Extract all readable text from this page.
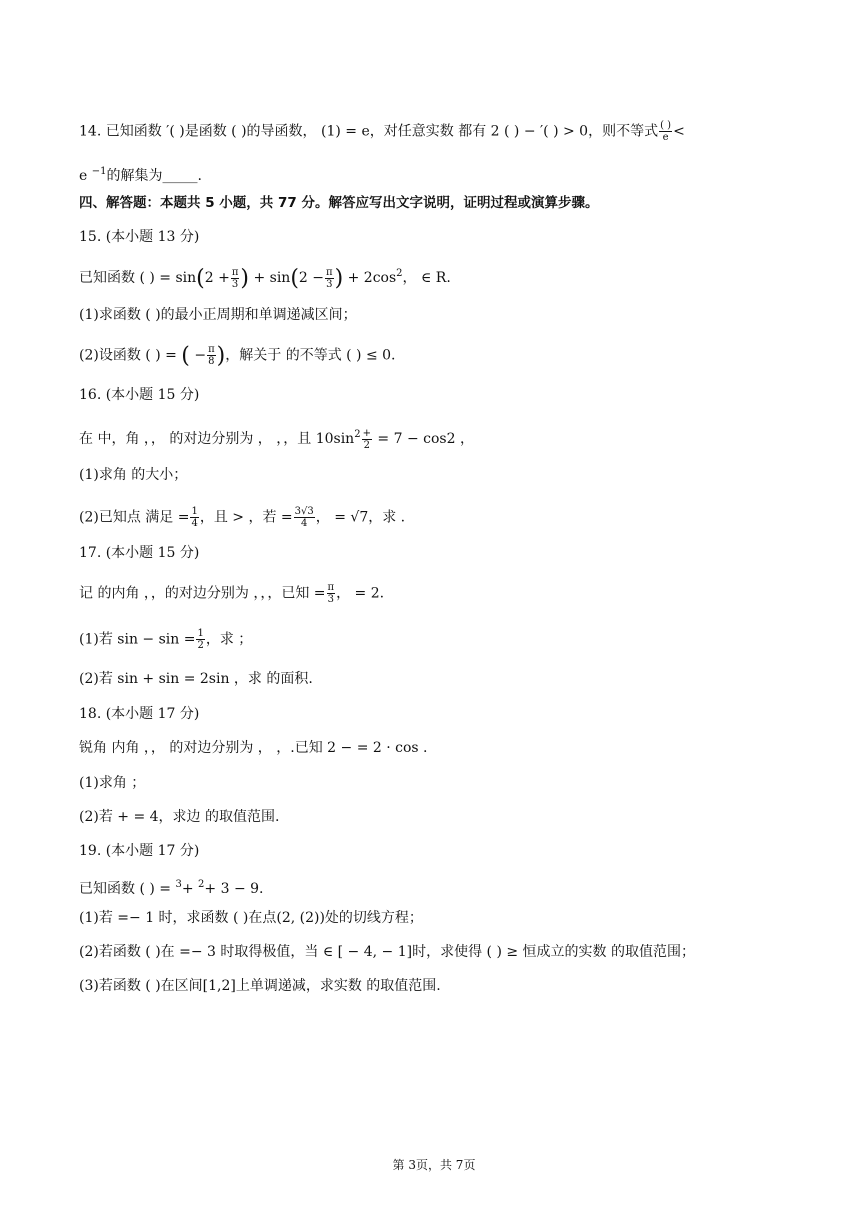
14. 已知函数 ′( )是函数 ( )的导函数， (1) = e，对任意实数 都有 2 ( ) − ′( ) > 0，则不等式 $\frac{( )}{e}$ <
e $^{-1}$的解集为_____.
四、解答题：本题共 5 小题，共 77 分。解答应写出文字说明，证明过程或演算步骤。
15. (本小题 13 分)
已知函数 ( ) = $\sin(2 + \frac{\pi}{3}$ ) + $\sin(2 - \frac{\pi}{3}$ ) + $2\cos^2$， ∈ R.
(1)求函数 ( )的最小正周期和单调递减区间；
(2)设函数 ( ) = ( − $\frac{\pi}{8}$ )，解关于 的不等式 ( ) ≤ 0.
16. (本小题 15 分)
在 中，角 ，， 的对边分别为 ， ，，且 $10\sin^2 \frac{+}{2} = 7 - \cos 2$ ，
(1)求角 的大小；
(2)已知点 满足 = $\frac{1}{4}$ ，且 > ，若 = $\frac{3√3}{4}$ ， = √7，求 .
17. (本小题 15 分)
记 的内角 ，，的对边分别为 ，，，已知 = $\frac{\pi}{3}$ ， = 2.
(1)若 $\sin - \sin = \frac{1}{2}$ ，求 ；
(2)若 sin + sin = 2sin ，求 的面积.
18. (本小题 17 分)
锐角 内角 ，， 的对边分别为 ， ，.已知 2 − = 2 · cos .
(1)求角 ；
(2)若 + = 4，求边 的取值范围.
19. (本小题 17 分)
已知函数 ( ) = $^3$+ $^2$+ 3 − 9.
(1)若 =− 1 时，求函数 ( )在点(2, (2))处的切线方程；
(2)若函数 ( )在 =− 3 时取得极值，当 ∈ [ − 4, − 1]时，求使得 ( ) ≥ 恒成立的实数 的取值范围；
(3)若函数 ( )在区间[1,2]上单调递减，求实数 的取值范围.
第 3页，共 7页
